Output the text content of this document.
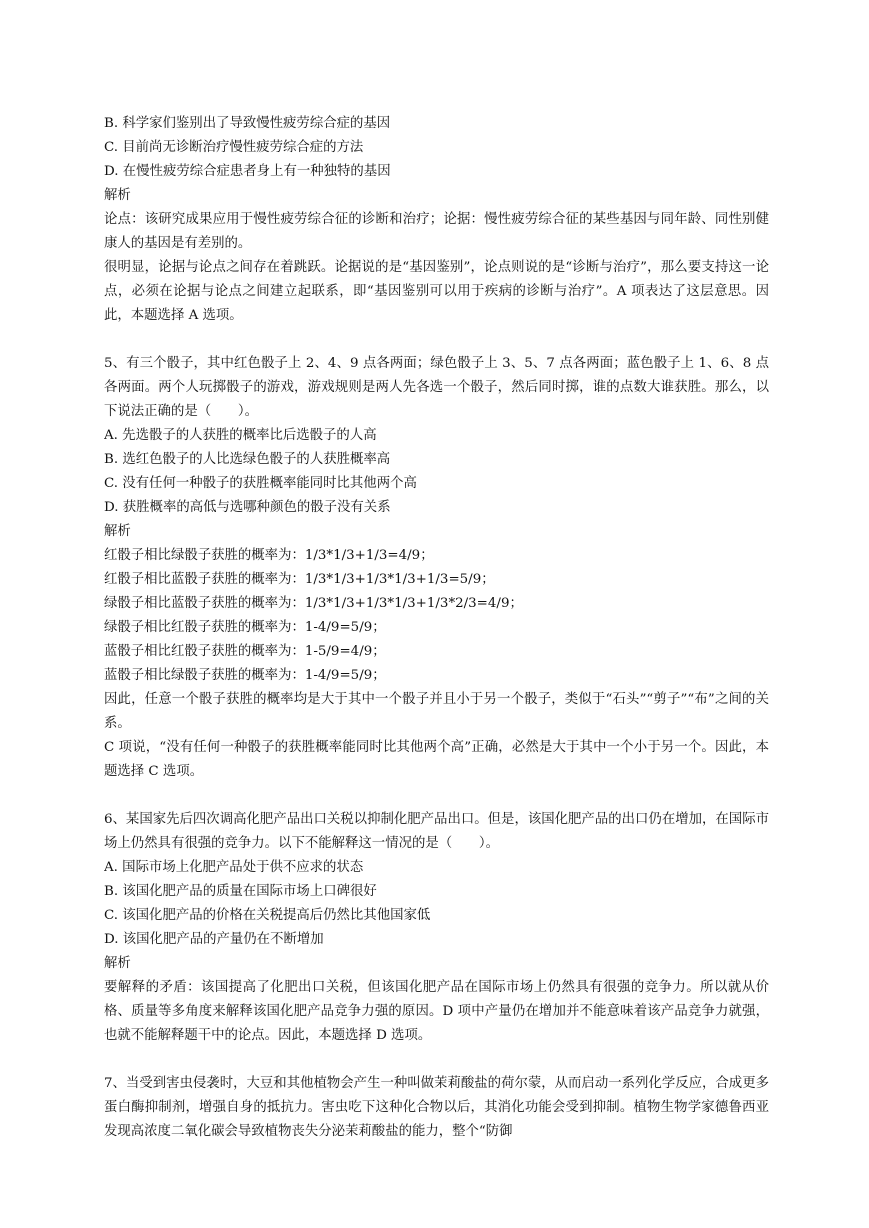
B. 科学家们鉴别出了导致慢性疲劳综合症的基因

C. 目前尚无诊断治疗慢性疲劳综合症的方法

D. 在慢性疲劳综合症患者身上有一种独特的基因

解析

论点：该研究成果应用于慢性疲劳综合征的诊断和治疗；论据：慢性疲劳综合征的某些基因与同年龄、同性别健康人的基因是有差别的。

很明显，论据与论点之间存在着跳跃。论据说的是“基因鉴别”，论点则说的是“诊断与治疗”，那么要支持这一论点，必须在论据与论点之间建立起联系，即“基因鉴别可以用于疾病的诊断与治疗”。A 项表达了这层意思。因此，本题选择 A 选项。

5、有三个骰子，其中红色骰子上 2、4、9 点各两面；绿色骰子上 3、5、7 点各两面；蓝色骰子上 1、6、8 点各两面。两个人玩掷骰子的游戏，游戏规则是两人先各选一个骰子，然后同时掷，谁的点数大谁获胜。那么，以下说法正确的是（　　）。

A. 先选骰子的人获胜的概率比后选骰子的人高

B. 选红色骰子的人比选绿色骰子的人获胜概率高

C. 没有任何一种骰子的获胜概率能同时比其他两个高

D. 获胜概率的高低与选哪种颜色的骰子没有关系

解析

红骰子相比绿骰子获胜的概率为：1/3*1/3+1/3=4/9；

红骰子相比蓝骰子获胜的概率为：1/3*1/3+1/3*1/3+1/3=5/9；

绿骰子相比蓝骰子获胜的概率为：1/3*1/3+1/3*1/3+1/3*2/3=4/9；

绿骰子相比红骰子获胜的概率为：1-4/9=5/9；

蓝骰子相比红骰子获胜的概率为：1-5/9=4/9；

蓝骰子相比绿骰子获胜的概率为：1-4/9=5/9；

因此，任意一个骰子获胜的概率均是大于其中一个骰子并且小于另一个骰子，类似于“石头”“剪子”“布”之间的关系。

C 项说，“没有任何一种骰子的获胜概率能同时比其他两个高”正确，必然是大于其中一个小于另一个。因此，本题选择 C 选项。

6、某国家先后四次调高化肥产品出口关税以抑制化肥产品出口。但是，该国化肥产品的出口仍在增加，在国际市场上仍然具有很强的竞争力。以下不能解释这一情况的是（　　）。

A. 国际市场上化肥产品处于供不应求的状态

B. 该国化肥产品的质量在国际市场上口碑很好

C. 该国化肥产品的价格在关税提高后仍然比其他国家低

D. 该国化肥产品的产量仍在不断增加

解析

要解释的矛盾：该国提高了化肥出口关税，但该国化肥产品在国际市场上仍然具有很强的竞争力。所以就从价格、质量等多角度来解释该国化肥产品竞争力强的原因。D 项中产量仍在增加并不能意味着该产品竞争力就强，也就不能解释题干中的论点。因此，本题选择 D 选项。

7、当受到害虫侵袭时，大豆和其他植物会产生一种叫做茉莉酸盐的荷尔蒙，从而启动一系列化学反应，合成更多蛋白酶抑制剂，增强自身的抵抗力。害虫吃下这种化合物以后，其消化功能会受到抑制。植物生物学家德鲁西亚发现高浓度二氧化碳会导致植物丧失分泌茉莉酸盐的能力，整个“防御
